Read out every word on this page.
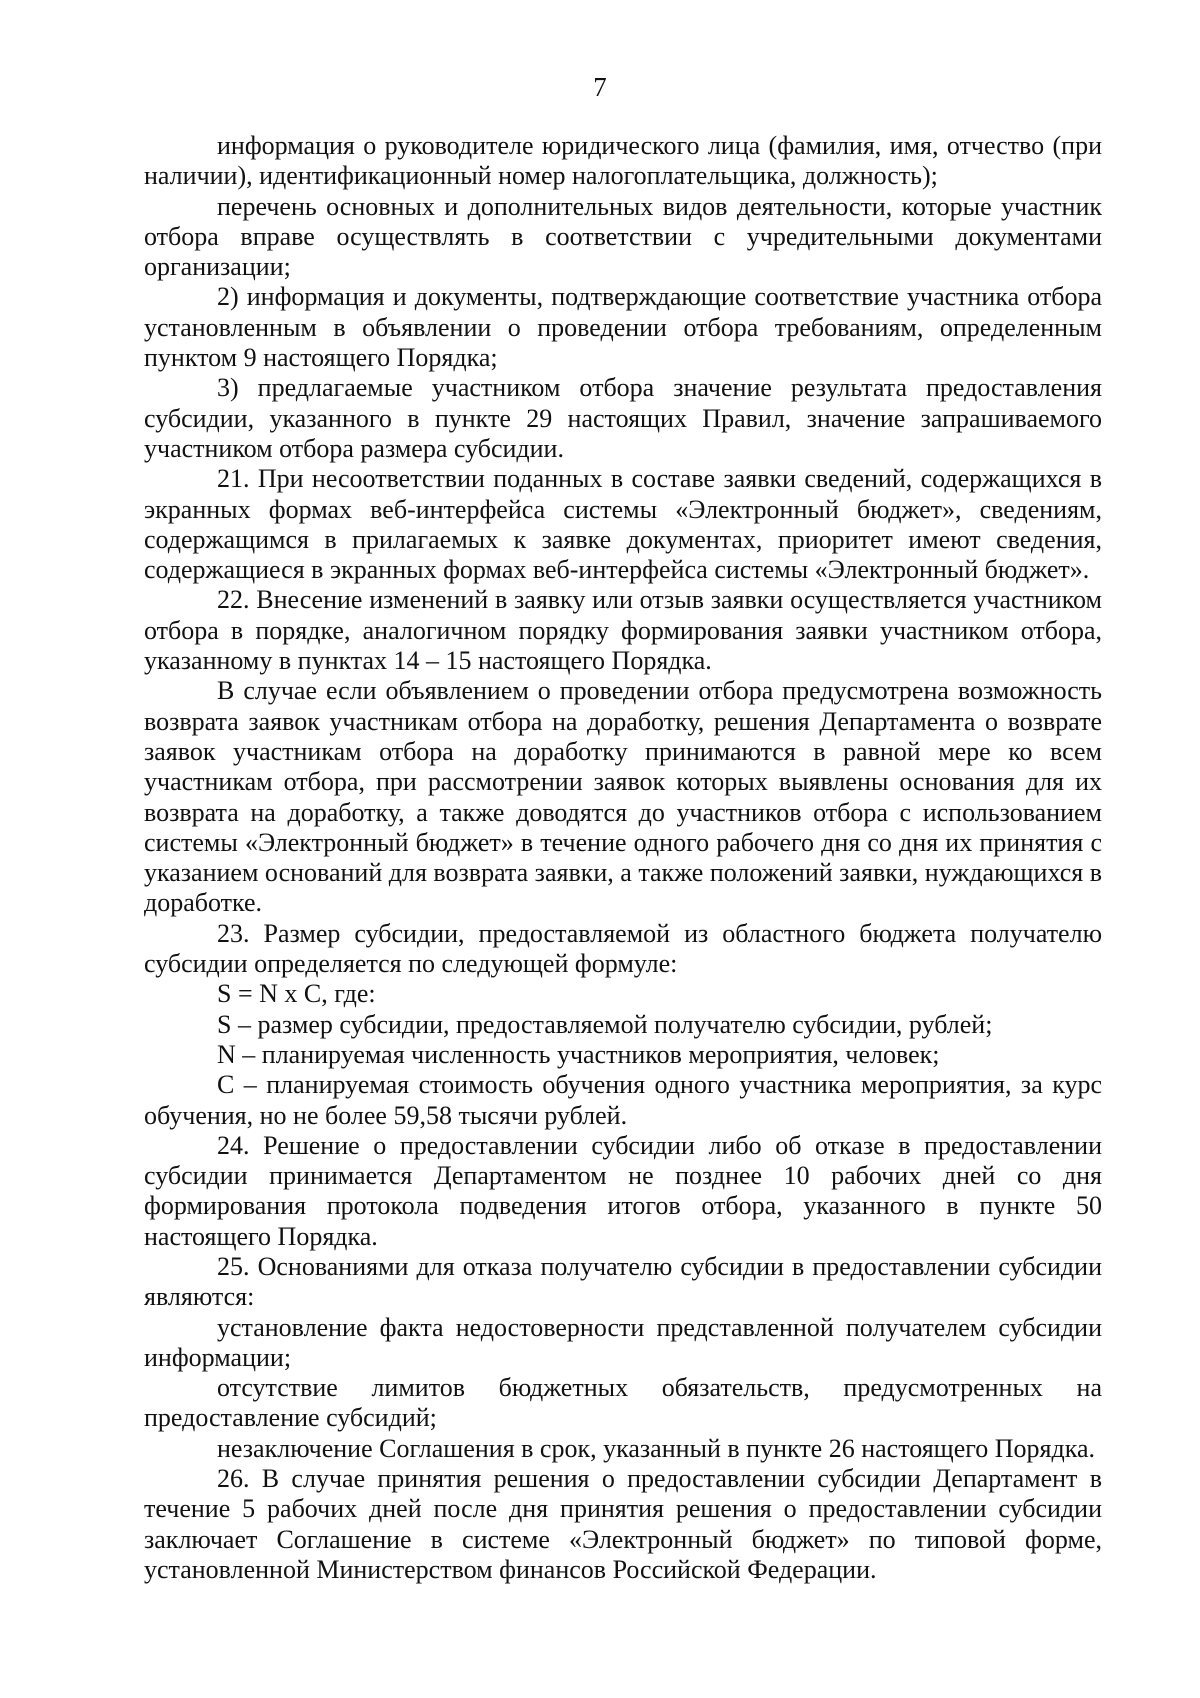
7

информация о руководителе юридического лица (фамилия, имя, отчество (при наличии), идентификационный номер налогоплательщика, должность);

перечень основных и дополнительных видов деятельности, которые участник отбора вправе осуществлять в соответствии с учредительными документами организации;

2) информация и документы, подтверждающие соответствие участника отбора установленным в объявлении о проведении отбора требованиям, определенным пунктом 9 настоящего Порядка;

3) предлагаемые участником отбора значение результата предоставления субсидии, указанного в пункте 29 настоящих Правил, значение запрашиваемого участником отбора размера субсидии.

21. При несоответствии поданных в составе заявки сведений, содержащихся в экранных формах веб-интерфейса системы «Электронный бюджет», сведениям, содержащимся в прилагаемых к заявке документах, приоритет имеют сведения, содержащиеся в экранных формах веб-интерфейса системы «Электронный бюджет».

22. Внесение изменений в заявку или отзыв заявки осуществляется участником отбора в порядке, аналогичном порядку формирования заявки участником отбора, указанному в пунктах 14 – 15 настоящего Порядка.

В случае если объявлением о проведении отбора предусмотрена возможность возврата заявок участникам отбора на доработку, решения Департамента о возврате заявок участникам отбора на доработку принимаются в равной мере ко всем участникам отбора, при рассмотрении заявок которых выявлены основания для их возврата на доработку, а также доводятся до участников отбора с использованием системы «Электронный бюджет» в течение одного рабочего дня со дня их принятия с указанием оснований для возврата заявки, а также положений заявки, нуждающихся в доработке.

23. Размер субсидии, предоставляемой из областного бюджета получателю субсидии определяется по следующей формуле:

S = N х C, где:

S – размер субсидии, предоставляемой получателю субсидии, рублей;

N – планируемая численность участников мероприятия, человек;

C – планируемая стоимость обучения одного участника мероприятия, за курс обучения, но не более 59,58 тысячи рублей.

24. Решение о предоставлении субсидии либо об отказе в предоставлении субсидии принимается Департаментом не позднее 10 рабочих дней со дня формирования протокола подведения итогов отбора, указанного в пункте 50 настоящего Порядка.

25. Основаниями для отказа получателю субсидии в предоставлении субсидии являются:

установление факта недостоверности представленной получателем субсидии информации;

отсутствие лимитов бюджетных обязательств, предусмотренных на предоставление субсидий;

незаключение Соглашения в срок, указанный в пункте 26 настоящего Порядка.

26. В случае принятия решения о предоставлении субсидии Департамент в течение 5 рабочих дней после дня принятия решения о предоставлении субсидии заключает Соглашение в системе «Электронный бюджет» по типовой форме, установленной Министерством финансов Российской Федерации.
